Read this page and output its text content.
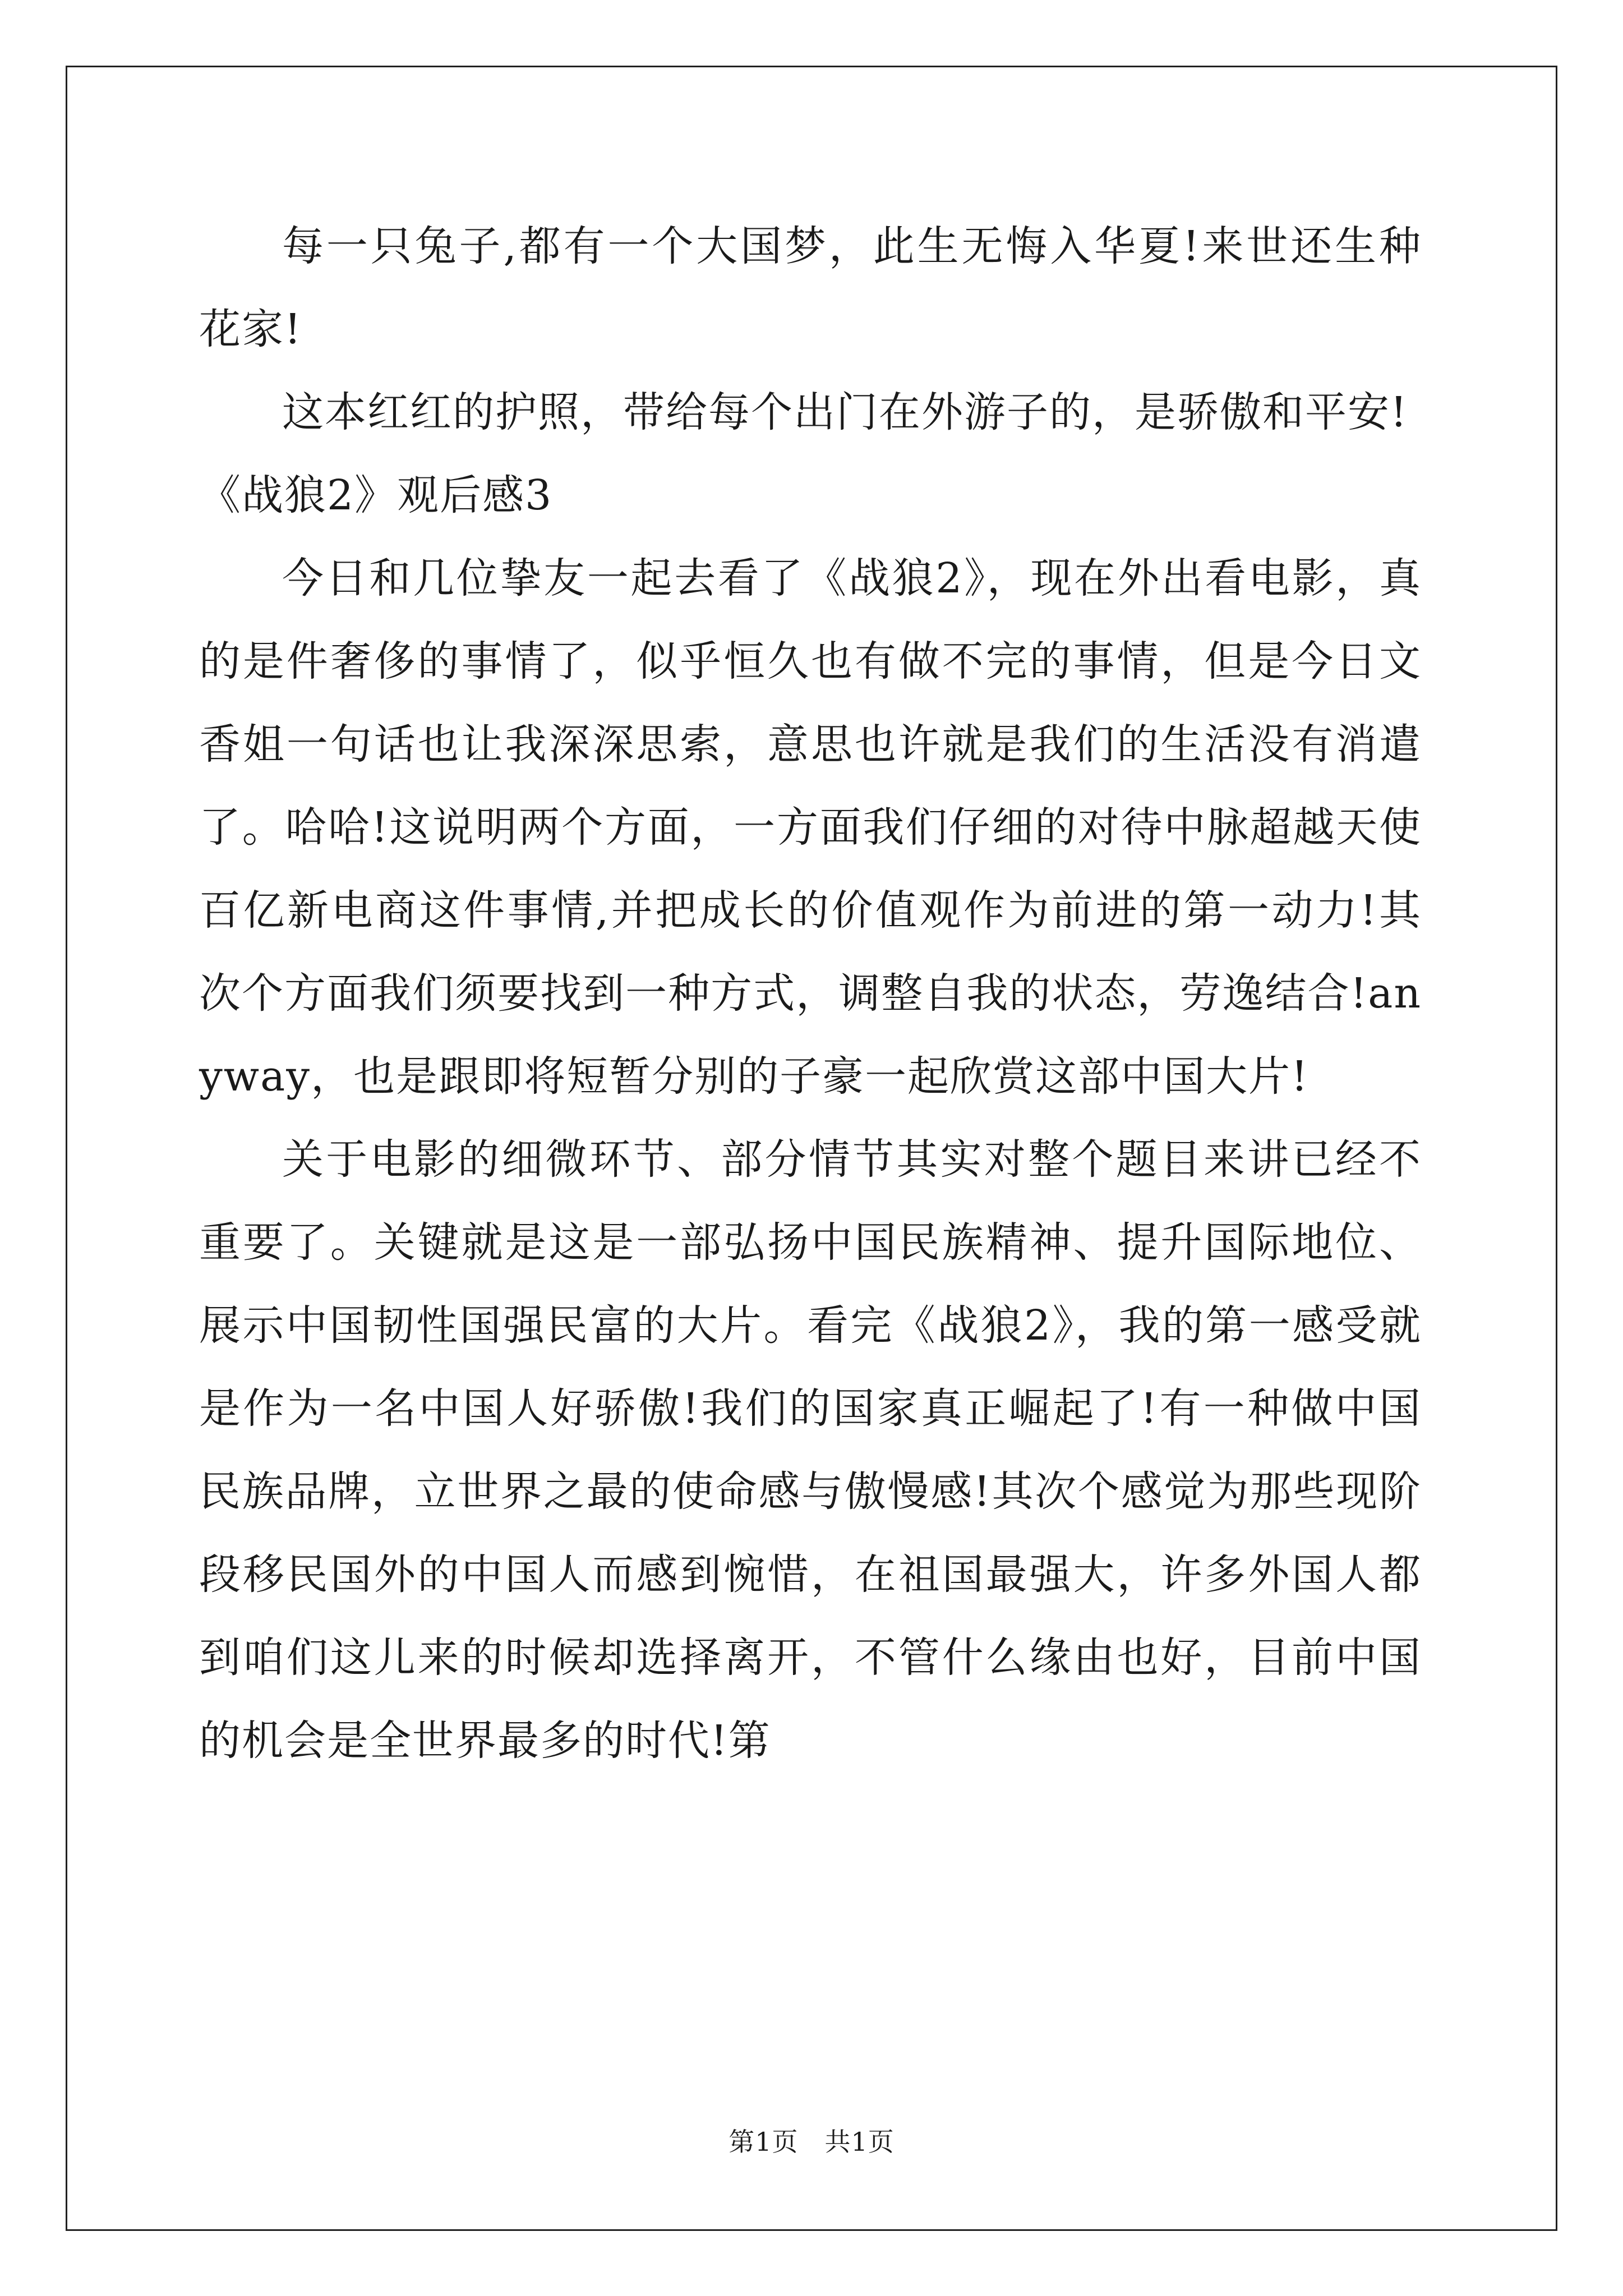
每一只兔子,都有一个大国梦，此生无悔入华夏!来世还生种花家!

这本红红的护照，带给每个出门在外游子的，是骄傲和平安!

《战狼2》观后感3

今日和几位挚友一起去看了《战狼2》，现在外出看电影，真的是件奢侈的事情了，似乎恒久也有做不完的事情，但是今日文香姐一句话也让我深深思索，意思也许就是我们的生活没有消遣了。哈哈!这说明两个方面，一方面我们仔细的对待中脉超越天使百亿新电商这件事情,并把成长的价值观作为前进的第一动力!其次个方面我们须要找到一种方式，调整自我的状态，劳逸结合!anyway，也是跟即将短暂分别的子豪一起欣赏这部中国大片!

关于电影的细微环节、部分情节其实对整个题目来讲已经不重要了。关键就是这是一部弘扬中国民族精神、提升国际地位、展示中国韧性国强民富的大片。看完《战狼2》，我的第一感受就是作为一名中国人好骄傲!我们的国家真正崛起了!有一种做中国民族品牌，立世界之最的使命感与傲慢感!其次个感觉为那些现阶段移民国外的中国人而感到惋惜，在祖国最强大，许多外国人都到咱们这儿来的时候却选择离开，不管什么缘由也好，目前中国的机会是全世界最多的时代!第

第1页　共1页
